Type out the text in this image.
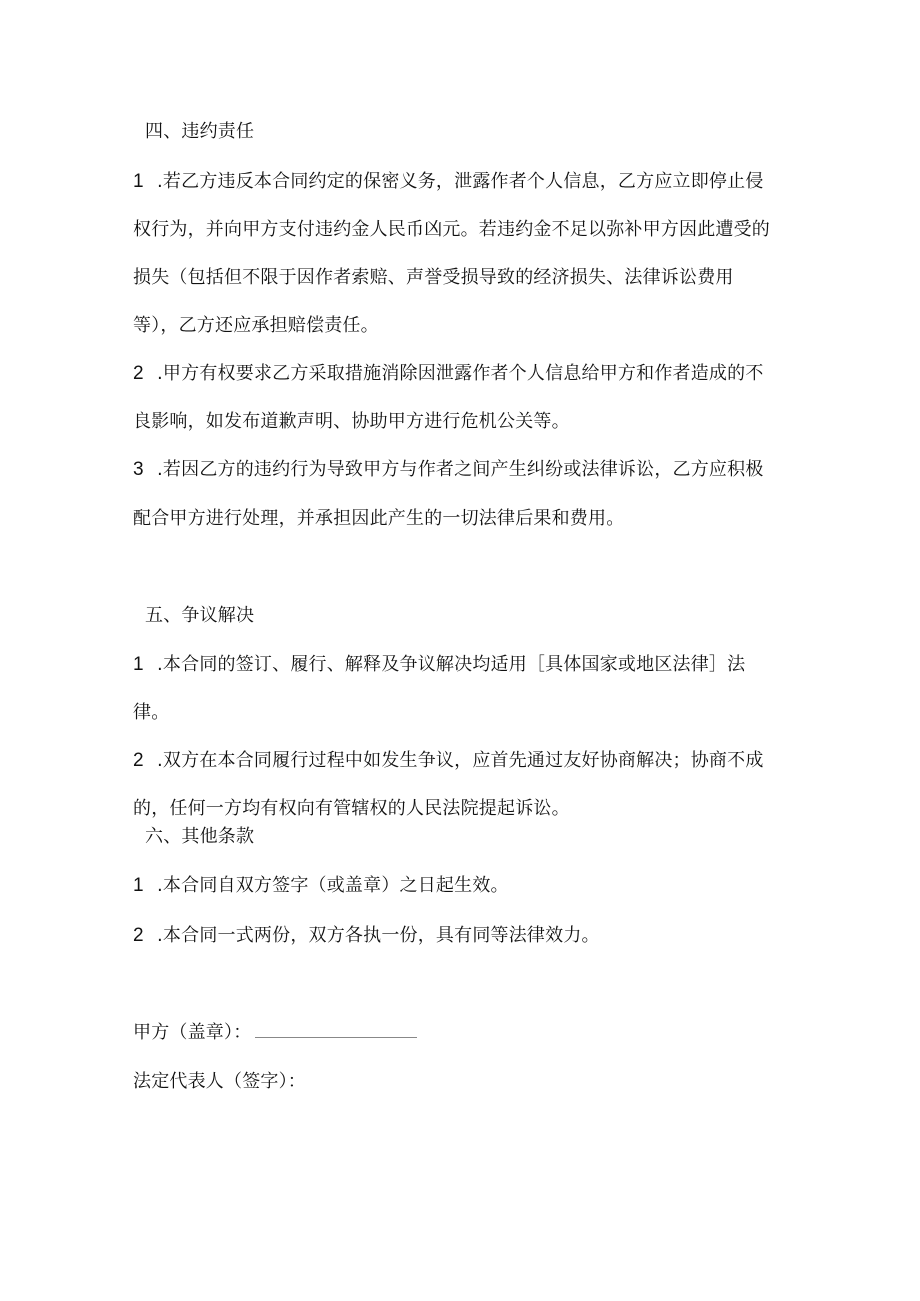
四、违约责任
1 .若乙方违反本合同约定的保密义务，泄露作者个人信息，乙方应立即停止侵
权行为，并向甲方支付违约金人民币凶元。若违约金不足以弥补甲方因此遭受的
损失（包括但不限于因作者索赔、声誉受损导致的经济损失、法律诉讼费用
等），乙方还应承担赔偿责任。
2 .甲方有权要求乙方采取措施消除因泄露作者个人信息给甲方和作者造成的不
良影响，如发布道歉声明、协助甲方进行危机公关等。
3 .若因乙方的违约行为导致甲方与作者之间产生纠纷或法律诉讼，乙方应积极
配合甲方进行处理，并承担因此产生的一切法律后果和费用。
五、争议解决
1 .本合同的签订、履行、解释及争议解决均适用［具体国家或地区法律］法
律。
2 .双方在本合同履行过程中如发生争议，应首先通过友好协商解决；协商不成
的，任何一方均有权向有管辖权的人民法院提起诉讼。
六、其他条款
1 .本合同自双方签字（或盖章）之日起生效。
2 .本合同一式两份，双方各执一份，具有同等法律效力。
甲方（盖章）：
法定代表人（签字）：
